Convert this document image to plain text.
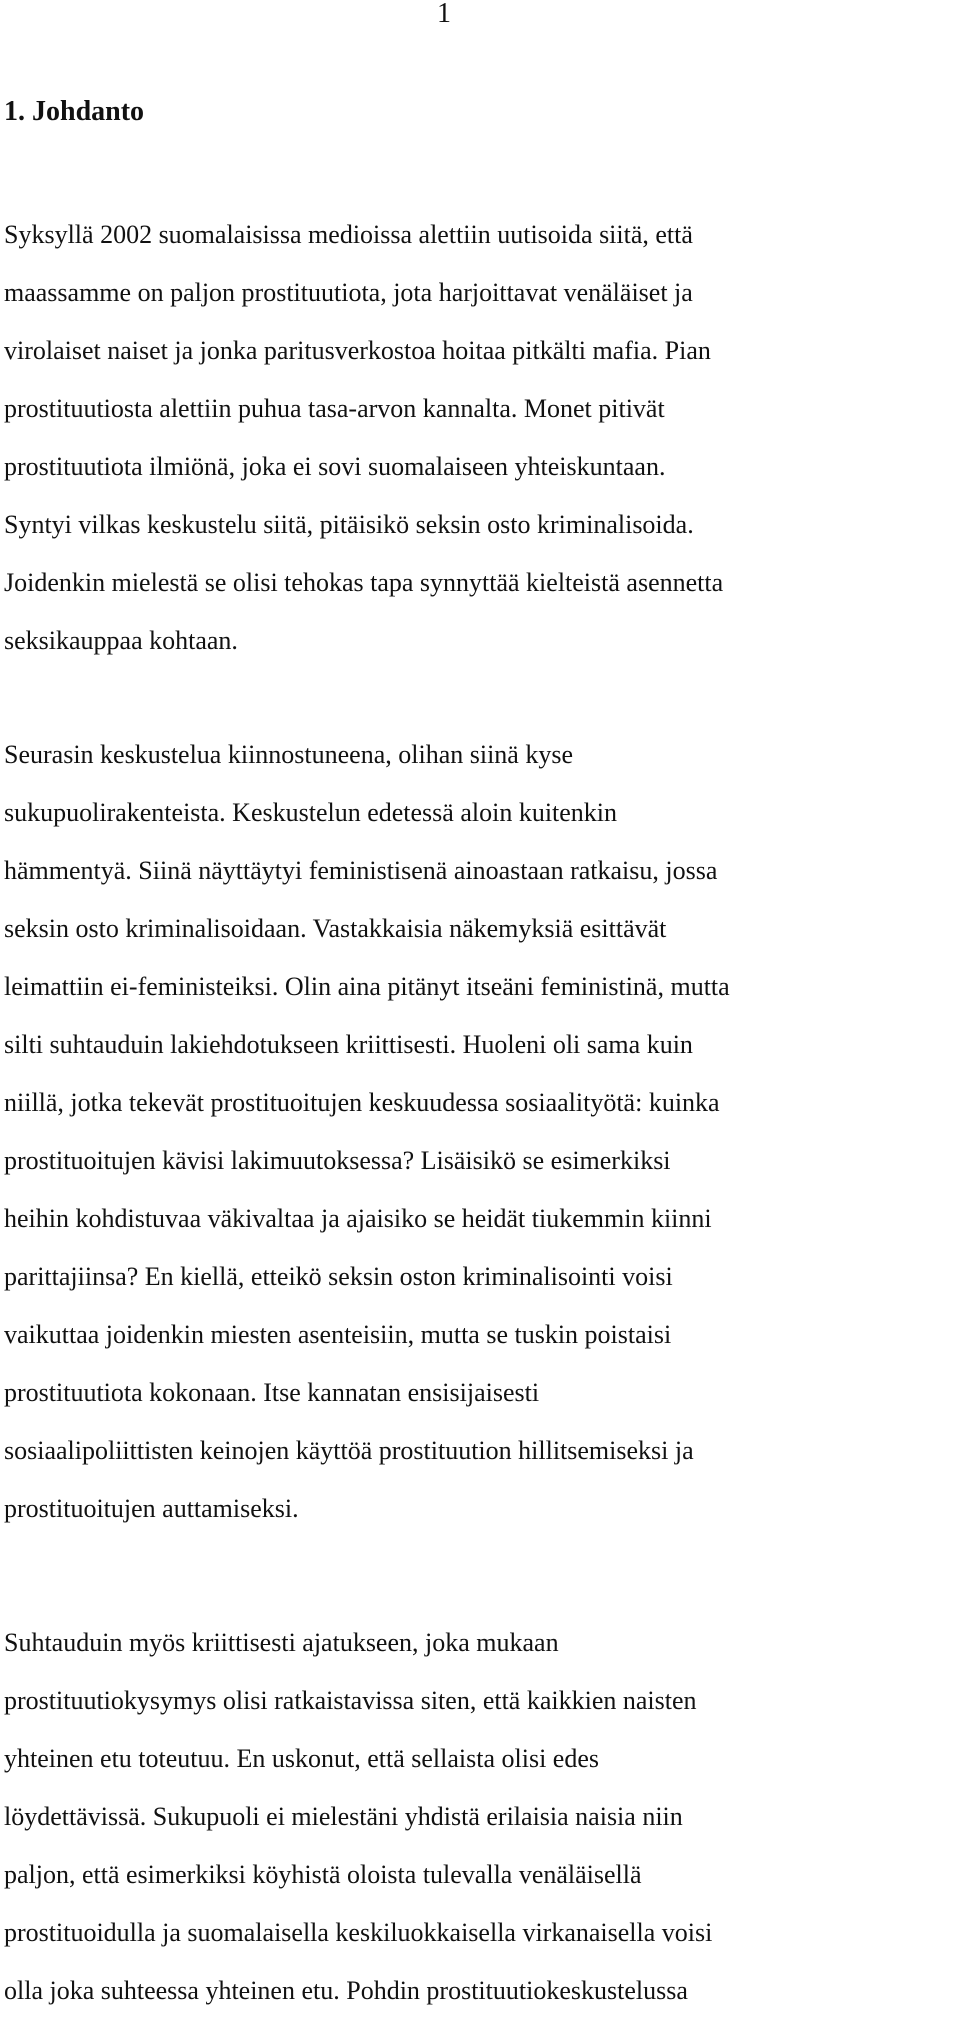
1
1. Johdanto
Syksyllä 2002 suomalaisissa medioissa alettiin uutisoida siitä, että
maassamme on paljon prostituutiota, jota harjoittavat venäläiset ja
virolaiset naiset ja jonka paritusverkostoa hoitaa pitkälti mafia. Pian
prostituutiosta alettiin puhua tasa-arvon kannalta. Monet pitivät
prostituutiota ilmiönä, joka ei sovi suomalaiseen yhteiskuntaan.
Syntyi vilkas keskustelu siitä, pitäisikö seksin osto kriminalisoida.
Joidenkin mielestä se olisi tehokas tapa synnyttää kielteistä asennetta
seksikauppaa kohtaan.
Seurasin keskustelua kiinnostuneena, olihan siinä kyse
sukupuolirakenteista. Keskustelun edetessä aloin kuitenkin
hämmentyä. Siinä näyttäytyi feministisenä ainoastaan ratkaisu, jossa
seksin osto kriminalisoidaan. Vastakkaisia näkemyksiä esittävät
leimattiin ei-feministeiksi. Olin aina pitänyt itseäni feministinä, mutta
silti suhtauduin lakiehdotukseen kriittisesti. Huoleni oli sama kuin
niillä, jotka tekevät prostituoitujen keskuudessa sosiaalityötä: kuinka
prostituoitujen kävisi lakimuutoksessa? Lisäisikö se esimerkiksi
heihin kohdistuvaa väkivaltaa ja ajaisiko se heidät tiukemmin kiinni
parittajiinsa? En kiellä, etteikö seksin oston kriminalisointi voisi
vaikuttaa joidenkin miesten asenteisiin, mutta se tuskin poistaisi
prostituutiota kokonaan. Itse kannatan ensisijaisesti
sosiaalipoliittisten keinojen käyttöä prostituution hillitsemiseksi ja
prostituoitujen auttamiseksi.
Suhtauduin myös kriittisesti ajatukseen, joka mukaan
prostituutiokysymys olisi ratkaistavissa siten, että kaikkien naisten
yhteinen etu toteutuu. En uskonut, että sellaista olisi edes
löydettävissä. Sukupuoli ei mielestäni yhdistä erilaisia naisia niin
paljon, että esimerkiksi köyhistä oloista tulevalla venäläisellä
prostituoidulla ja suomalaisella keskiluokkaisella virkanaisella voisi
olla joka suhteessa yhteinen etu. Pohdin prostituutiokeskustelussa
